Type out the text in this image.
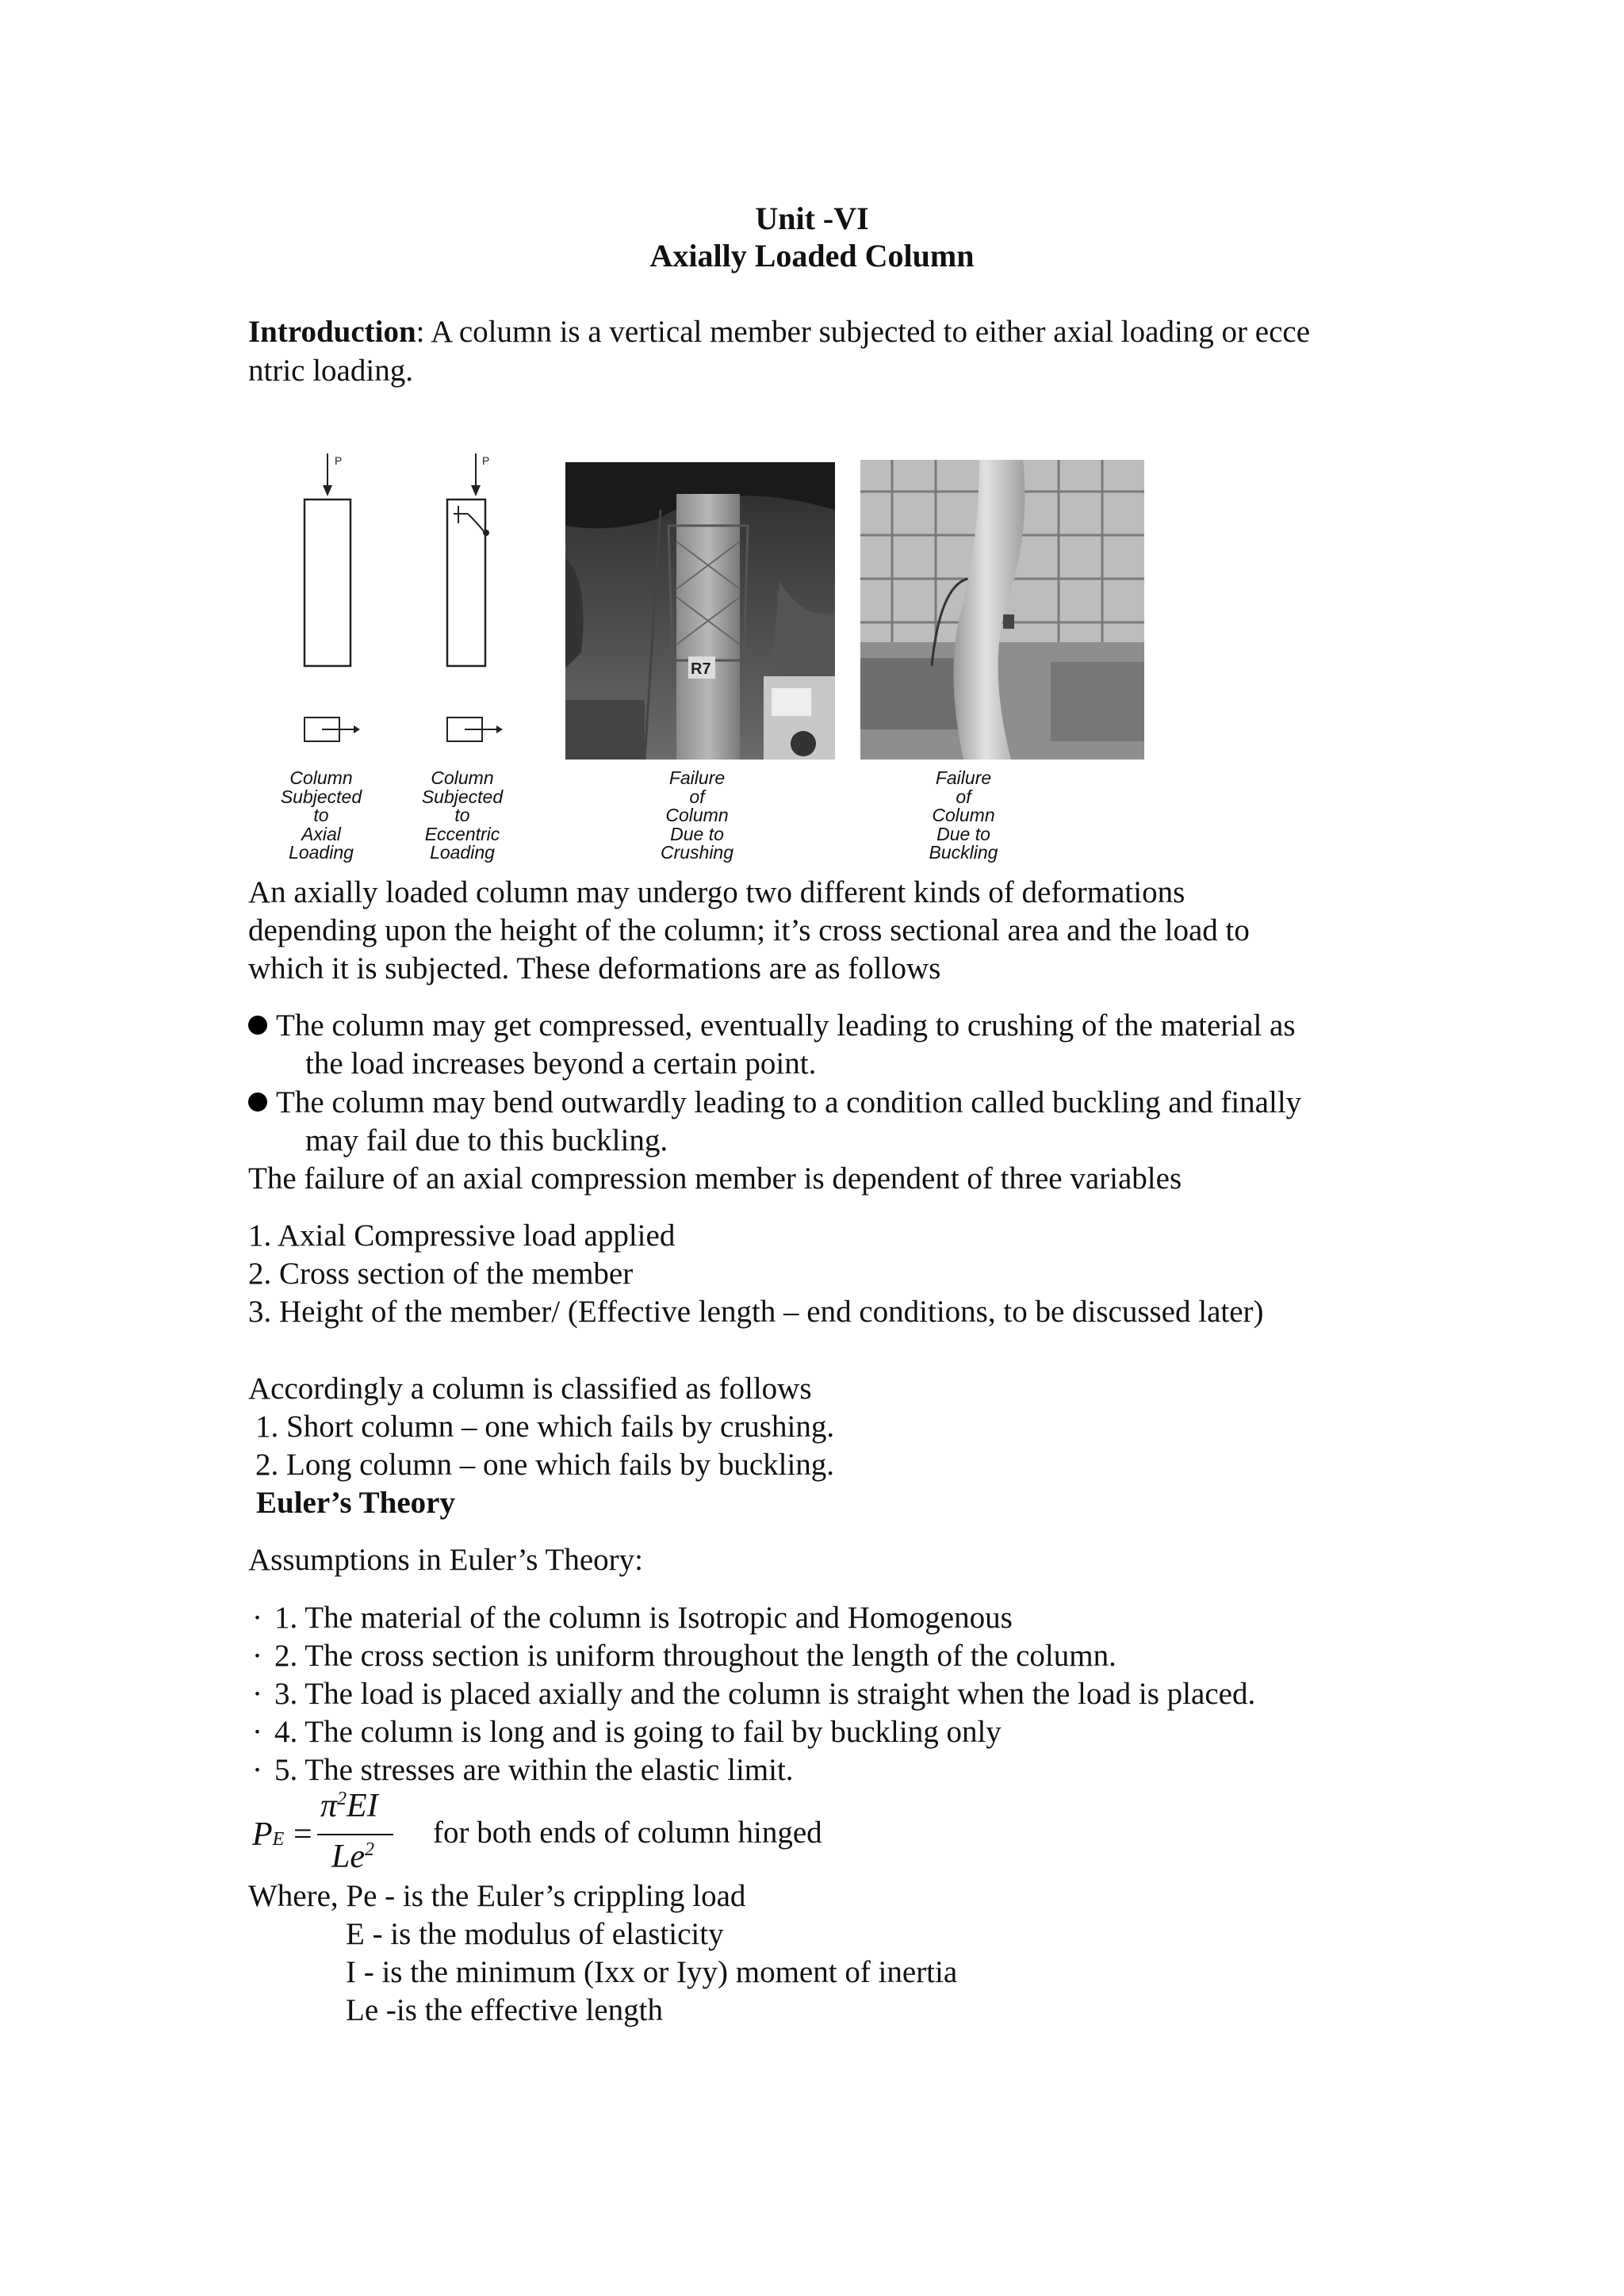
Unit -VI
Axially Loaded Column
Introduction: A column is a vertical member subjected to either axial loading or ecce
ntric loading.
P	P
R7
Column
Subjected
to
Axial
Loading
Column
Subjected
to
Eccentric
Loading
Failure
of
Column
Due to
Crushing
Failure
of
Column
Due to
Buckling
An axially loaded column may undergo two different kinds of deformations
depending upon the height of the column; it’s cross sectional area and the load to
which it is subjected. These deformations are as follows
The column may get compressed, eventually leading to crushing of the material as
the load increases beyond a certain point.
The column may bend outwardly leading to a condition called buckling and finally
may fail due to this buckling.
The failure of an axial compression member is dependent of three variables
1. Axial Compressive load applied
2. Cross section of the member
3. Height of the member/ (Effective length – end conditions, to be discussed later)
Accordingly a column is classified as follows
1. Short column – one which fails by crushing.
2. Long column – one which fails by buckling.
Euler’s Theory
Assumptions in Euler’s Theory:
· 1. The material of the column is Isotropic and Homogenous
· 2. The cross section is uniform throughout the length of the column.
· 3. The load is placed axially and the column is straight when the load is placed.
· 4. The column is long and is going to fail by buckling only
· 5. The stresses are within the elastic limit.
PE =
$\pi^2EI$
Le$^2$ for both ends of column hinged
Where, Pe - is the Euler’s crippling load
E - is the modulus of elasticity
I - is the minimum (Ixx or Iyy) moment of inertia
Le -is the effective length
